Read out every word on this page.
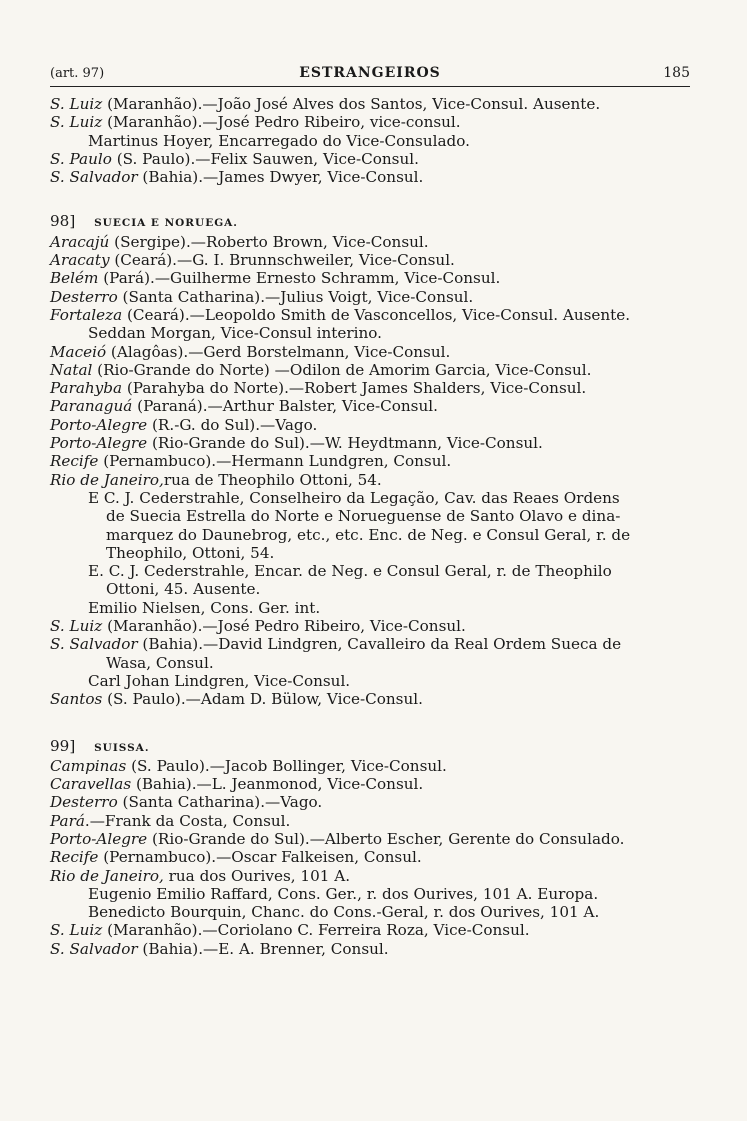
(art. 97)	ESTRANGEIROS	185
S. Luiz (Maranhão).—João José Alves dos Santos, Vice-Consul. Ausente.
S. Luiz (Maranhão).—José Pedro Ribeiro, vice-consul.
Martinus Hoyer, Encarregado do Vice-Consulado.
S. Paulo (S. Paulo).—Felix Sauwen, Vice-Consul.
S. Salvador (Bahia).—James Dwyer, Vice-Consul.
98] SUECIA E NORUEGA.
Aracajú (Sergipe).—Roberto Brown, Vice-Consul.
Aracaty (Ceará).—G. I. Brunnschweiler, Vice-Consul.
Belém (Pará).—Guilherme Ernesto Schramm, Vice-Consul.
Desterro (Santa Catharina).—Julius Voigt, Vice-Consul.
Fortaleza (Ceará).—Leopoldo Smith de Vasconcellos, Vice-Consul. Ausente.
Seddan Morgan, Vice-Consul interino.
Maceió (Alagôas).—Gerd Borstelmann, Vice-Consul.
Natal (Rio-Grande do Norte) —Odilon de Amorim Garcia, Vice-Consul.
Parahyba (Parahyba do Norte).—Robert James Shalders, Vice-Consul.
Paranaguá (Paraná).—Arthur Balster, Vice-Consul.
Porto-Alegre (R.-G. do Sul).—Vago.
Porto-Alegre (Rio-Grande do Sul).—W. Heydtmann, Vice-Consul.
Recife (Pernambuco).—Hermann Lundgren, Consul.
Rio de Janeiro,rua de Theophilo Ottoni, 54.
E C. J. Cederstrahle, Conselheiro da Legação, Cav. das Reaes Ordens
de Suecia Estrella do Norte e Norueguense de Santo Olavo e dina-
marquez do Daunebrog, etc., etc. Enc. de Neg. e Consul Geral, r. de
Theophilo, Ottoni, 54.
E. C. J. Cederstrahle, Encar. de Neg. e Consul Geral, r. de Theophilo
Ottoni, 45. Ausente.
Emilio Nielsen, Cons. Ger. int.
S. Luiz (Maranhão).—José Pedro Ribeiro, Vice-Consul.
S. Salvador (Bahia).—David Lindgren, Cavalleiro da Real Ordem Sueca de
Wasa, Consul.
Carl Johan Lindgren, Vice-Consul.
Santos (S. Paulo).—Adam D. Bülow, Vice-Consul.
99] SUISSA.
Campinas (S. Paulo).—Jacob Bollinger, Vice-Consul.
Caravellas (Bahia).—L. Jeanmonod, Vice-Consul.
Desterro (Santa Catharina).—Vago.
Pará.—Frank da Costa, Consul.
Porto-Alegre (Rio-Grande do Sul).—Alberto Escher, Gerente do Consulado.
Recife (Pernambuco).—Oscar Falkeisen, Consul.
Rio de Janeiro, rua dos Ourives, 101 A.
Eugenio Emilio Raffard, Cons. Ger., r. dos Ourives, 101 A. Europa.
Benedicto Bourquin, Chanc. do Cons.-Geral, r. dos Ourives, 101 A.
S. Luiz (Maranhão).—Coriolano C. Ferreira Roza, Vice-Consul.
S. Salvador (Bahia).—E. A. Brenner, Consul.
